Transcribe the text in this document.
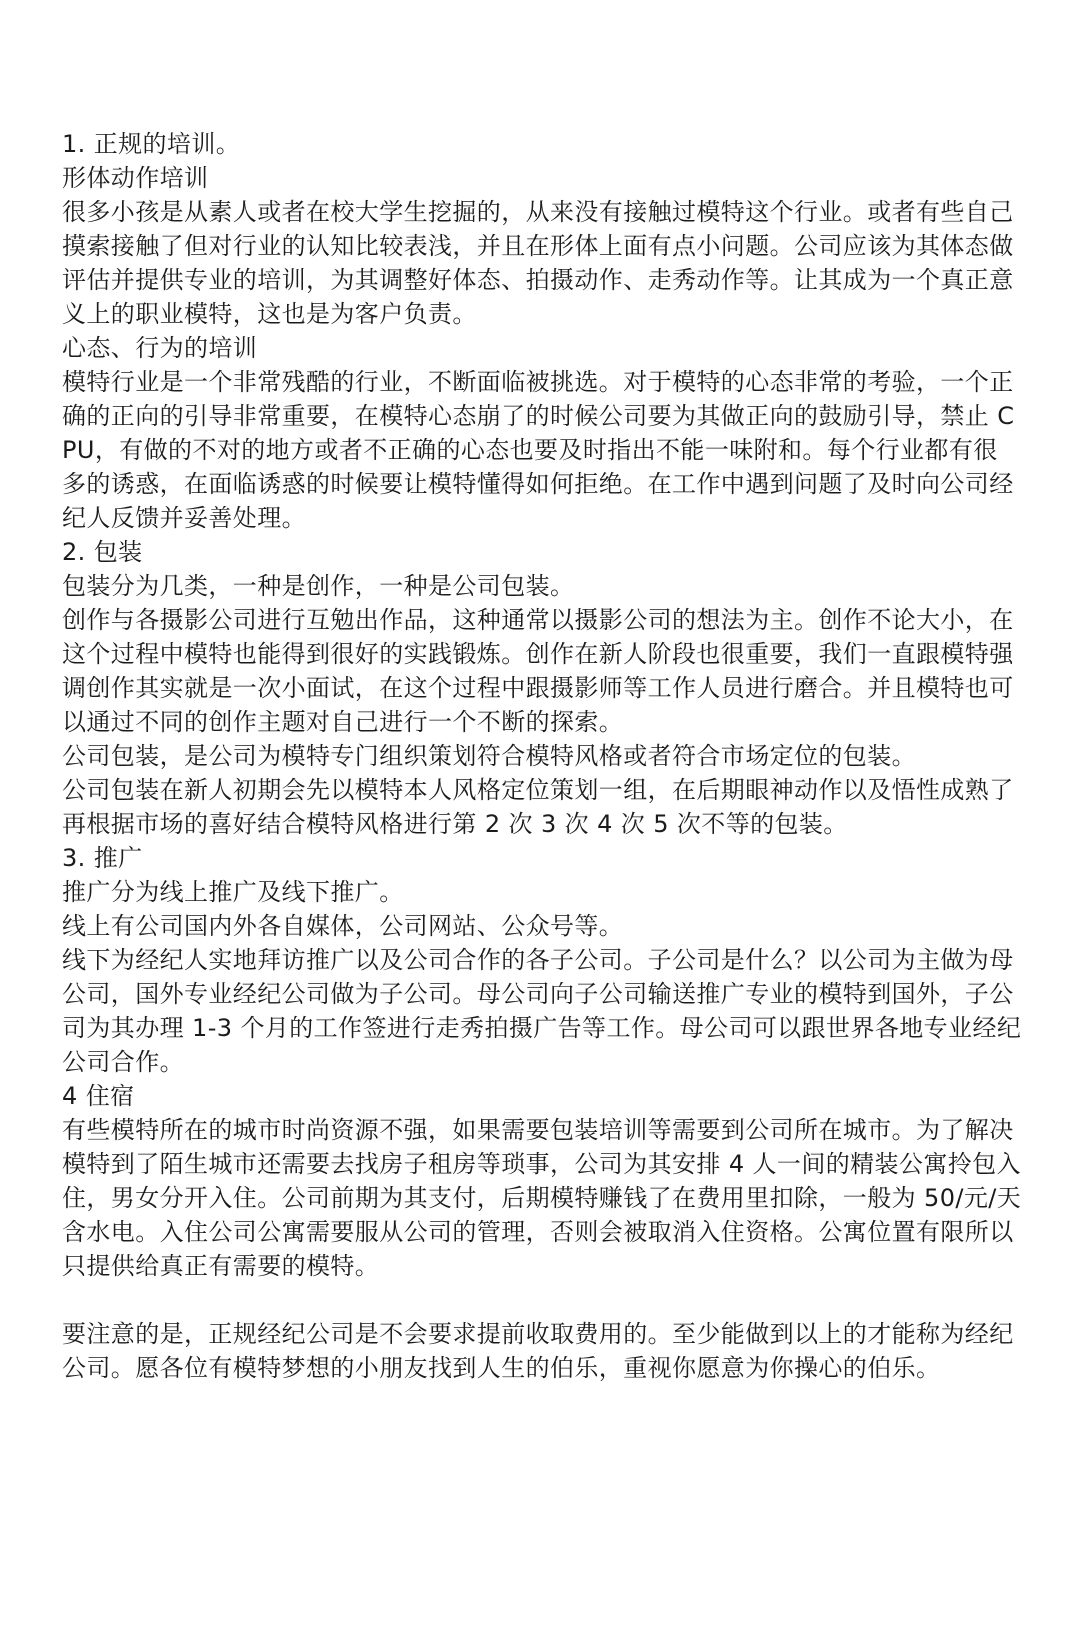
1. 正规的培训。

形体动作培训

很多小孩是从素人或者在校大学生挖掘的，从来没有接触过模特这个行业。或者有些自己摸索接触了但对行业的认知比较表浅，并且在形体上面有点小问题。公司应该为其体态做评估并提供专业的培训，为其调整好体态、拍摄动作、走秀动作等。让其成为一个真正意义上的职业模特，这也是为客户负责。

心态、行为的培训

模特行业是一个非常残酷的行业，不断面临被挑选。对于模特的心态非常的考验，一个正确的正向的引导非常重要，在模特心态崩了的时候公司要为其做正向的鼓励引导，禁止 CPU，有做的不对的地方或者不正确的心态也要及时指出不能一味附和。每个行业都有很多的诱惑，在面临诱惑的时候要让模特懂得如何拒绝。在工作中遇到问题了及时向公司经纪人反馈并妥善处理。

2. 包装

包装分为几类，一种是创作，一种是公司包装。

创作与各摄影公司进行互勉出作品，这种通常以摄影公司的想法为主。创作不论大小，在这个过程中模特也能得到很好的实践锻炼。创作在新人阶段也很重要，我们一直跟模特强调创作其实就是一次小面试，在这个过程中跟摄影师等工作人员进行磨合。并且模特也可以通过不同的创作主题对自己进行一个不断的探索。

公司包装，是公司为模特专门组织策划符合模特风格或者符合市场定位的包装。

公司包装在新人初期会先以模特本人风格定位策划一组，在后期眼神动作以及悟性成熟了再根据市场的喜好结合模特风格进行第 2 次 3 次 4 次 5 次不等的包装。

3. 推广

推广分为线上推广及线下推广。

线上有公司国内外各自媒体，公司网站、公众号等。

线下为经纪人实地拜访推广以及公司合作的各子公司。子公司是什么？以公司为主做为母公司，国外专业经纪公司做为子公司。母公司向子公司输送推广专业的模特到国外，子公司为其办理 1-3 个月的工作签进行走秀拍摄广告等工作。母公司可以跟世界各地专业经纪公司合作。

4 住宿

有些模特所在的城市时尚资源不强，如果需要包装培训等需要到公司所在城市。为了解决模特到了陌生城市还需要去找房子租房等琐事，公司为其安排 4 人一间的精装公寓拎包入住，男女分开入住。公司前期为其支付，后期模特赚钱了在费用里扣除，一般为 50/元/天含水电。入住公司公寓需要服从公司的管理，否则会被取消入住资格。公寓位置有限所以只提供给真正有需要的模特。

要注意的是，正规经纪公司是不会要求提前收取费用的。至少能做到以上的才能称为经纪公司。愿各位有模特梦想的小朋友找到人生的伯乐，重视你愿意为你操心的伯乐。
